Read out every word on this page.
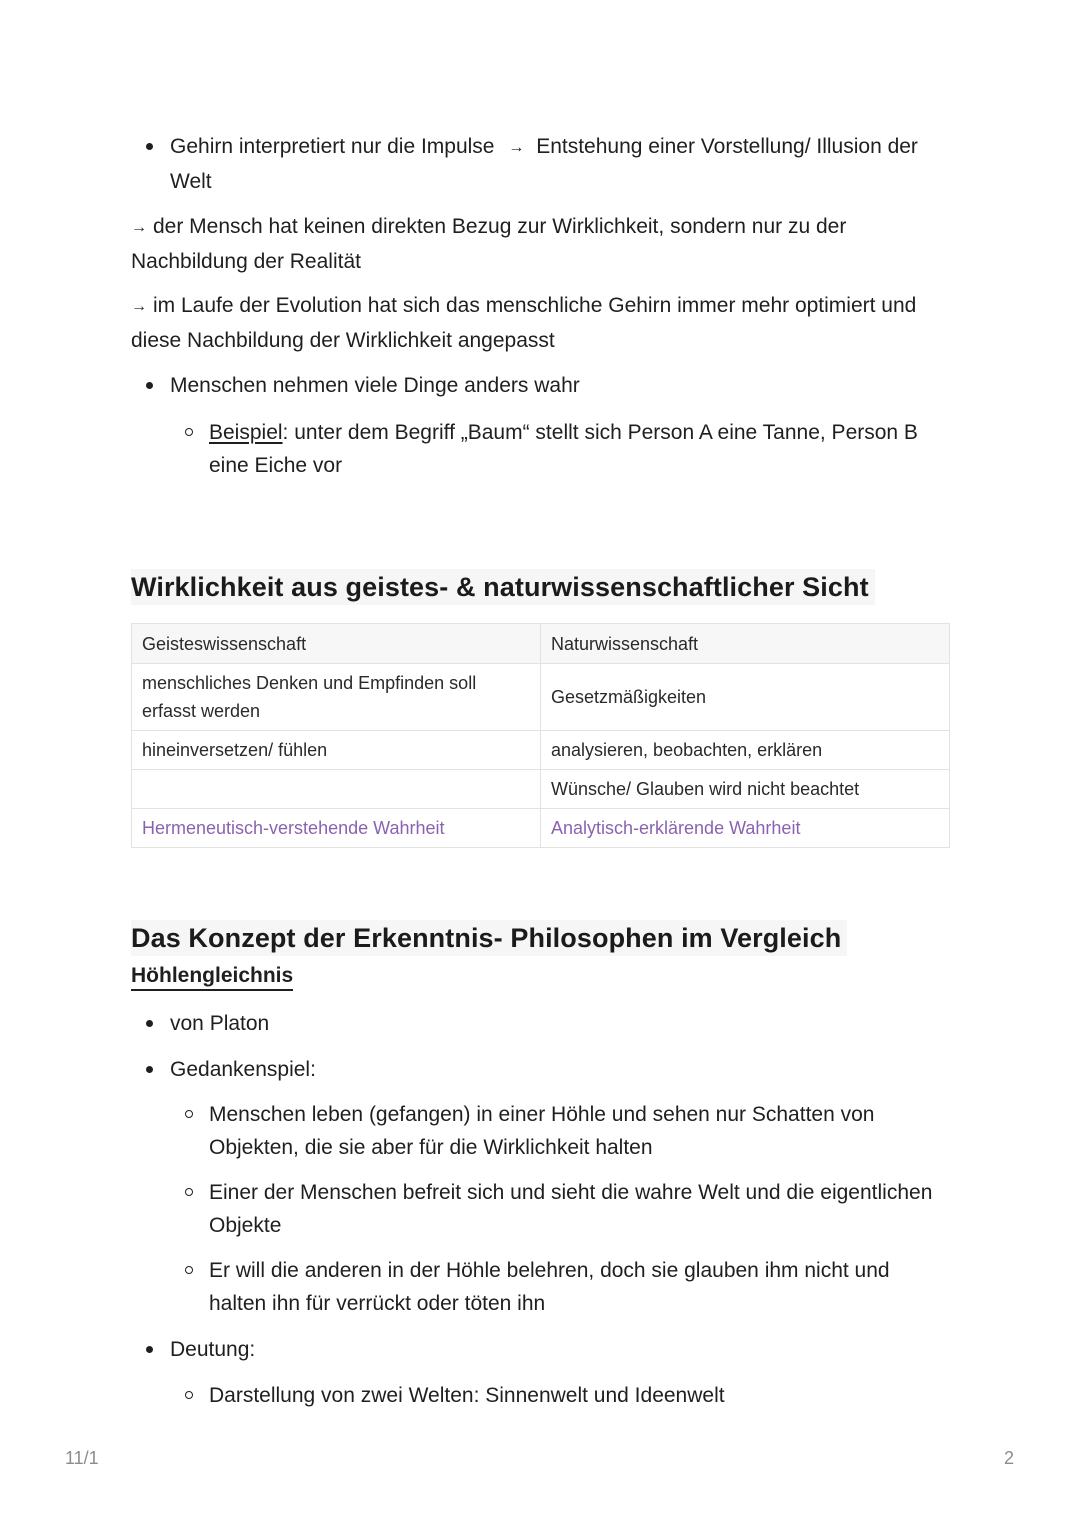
Gehirn interpretiert nur die Impulse → Entstehung einer Vorstellung/ Illusion der Welt

→ der Mensch hat keinen direkten Bezug zur Wirklichkeit, sondern nur zu der Nachbildung der Realität

→ im Laufe der Evolution hat sich das menschliche Gehirn immer mehr optimiert und diese Nachbildung der Wirklichkeit angepasst

Menschen nehmen viele Dinge anders wahr
Beispiel: unter dem Begriff „Baum“ stellt sich Person A eine Tanne, Person B eine Eiche vor
Wirklichkeit aus geistes- & naturwissenschaftlicher Sicht
Geisteswissenschaft	Naturwissenschaft
menschliches Denken und Empfinden soll erfasst werden	Gesetzmäßigkeiten
hineinversetzen/ fühlen	analysieren, beobachten, erklären
	Wünsche/ Glauben wird nicht beachtet
Hermeneutisch-verstehende Wahrheit	Analytisch-erklärende Wahrheit
Das Konzept der Erkenntnis- Philosophen im Vergleich
Höhlengleichnis
von Platon
Gedankenspiel:
Menschen leben (gefangen) in einer Höhle und sehen nur Schatten von Objekten, die sie aber für die Wirklichkeit halten
Einer der Menschen befreit sich und sieht die wahre Welt und die eigentlichen Objekte
Er will die anderen in der Höhle belehren, doch sie glauben ihm nicht und halten ihn für verrückt oder töten ihn
Deutung:
Darstellung von zwei Welten: Sinnenwelt und Ideenwelt
11/1	2
